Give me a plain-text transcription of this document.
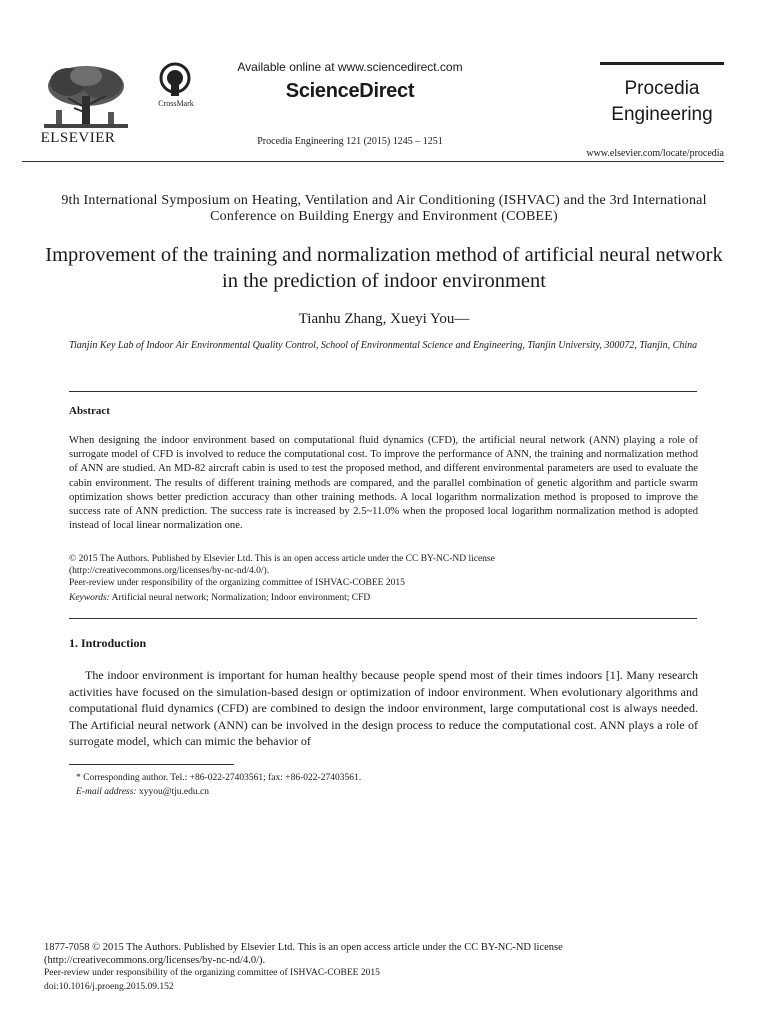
ELSEVIER
CrossMark
Available online at www.sciencedirect.com
ScienceDirect
Procedia Engineering 121 (2015) 1245 – 1251
Procedia
Engineering
www.elsevier.com/locate/procedia
9th International Symposium on Heating, Ventilation and Air Conditioning (ISHVAC) and the 3rd International Conference on Building Energy and Environment (COBEE)
Improvement of the training and normalization method of artificial neural network in the prediction of indoor environment
Tianhu Zhang, Xueyi You—
Tianjin Key Lab of Indoor Air Environmental Quality Control, School of Environmental Science and Engineering, Tianjin University, 300072, Tianjin, China
Abstract
When designing the indoor environment based on computational fluid dynamics (CFD), the artificial neural network (ANN) playing a role of surrogate model of CFD is involved to reduce the computational cost. To improve the performance of ANN, the training and normalization method of ANN are studied. An MD-82 aircraft cabin is used to test the proposed method, and different environmental parameters are used to evaluate the cabin environment. The results of different training methods are compared, and the parallel combination of genetic algorithm and particle swarm optimization shows better prediction accuracy than other training methods. A local logarithm normalization method is proposed to improve the success rate of ANN prediction. The success rate is increased by 2.5~11.0% when the proposed local logarithm normalization method is adopted instead of local linear normalization one.
© 2015 The Authors. Published by Elsevier Ltd. This is an open access article under the CC BY-NC-ND license
(http://creativecommons.org/licenses/by-nc-nd/4.0/).
Peer-review under responsibility of the organizing committee of ISHVAC-COBEE 2015
Keywords: Artificial neural network; Normalization; Indoor environment; CFD
1. Introduction
The indoor environment is important for human healthy because people spend most of their times indoors [1]. Many research activities have focused on the simulation-based design or optimization of indoor environment. When evolutionary algorithms and computational fluid dynamics (CFD) are combined to design the indoor environment, large computational cost is always needed. The Artificial neural network (ANN) can be involved in the design process to reduce the computational cost. ANN plays a role of surrogate model, which can mimic the behavior of
* Corresponding author. Tel.: +86-022-27403561; fax: +86-022-27403561.
E-mail address: xyyou@tju.edu.cn
1877-7058 © 2015 The Authors. Published by Elsevier Ltd. This is an open access article under the CC BY-NC-ND license
(http://creativecommons.org/licenses/by-nc-nd/4.0/).
Peer-review under responsibility of the organizing committee of ISHVAC-COBEE 2015
doi:10.1016/j.proeng.2015.09.152
